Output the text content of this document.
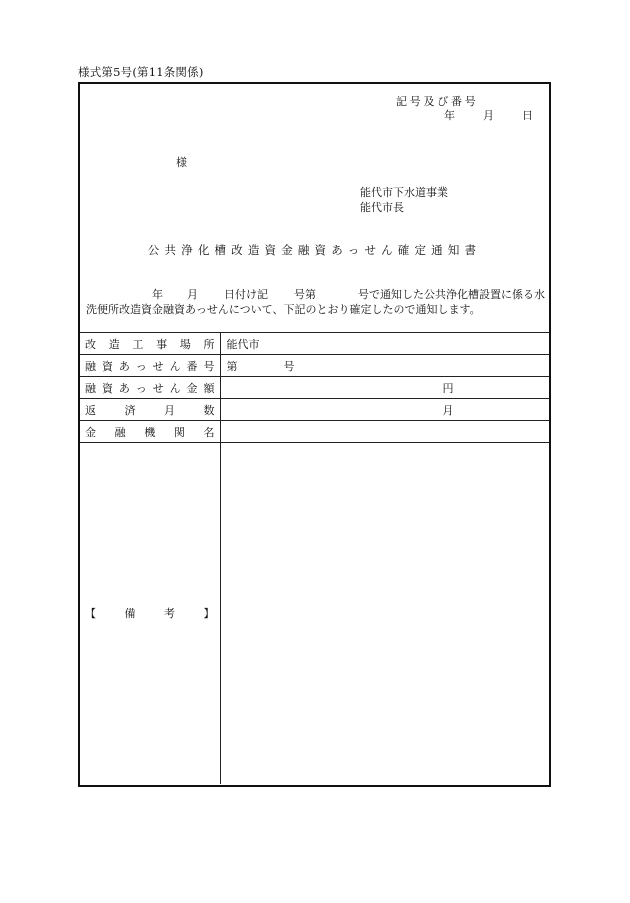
様式第5号(第11条関係)
記号及び番号
年	月	日
様
能代市下水道事業
能代市長
公共浄化槽改造資金融資あっせん確定通知書
年 月 日付け記 号第	号で通知した公共浄化槽設置に係る水洗便所改造資金融資あっせんについて、下記のとおり確定したので通知します。
改造工事場所	能代市
融資あっせん番号	第 号
融資あっせん金額	円
返済月数	月
金融機関名	
【備考】	
